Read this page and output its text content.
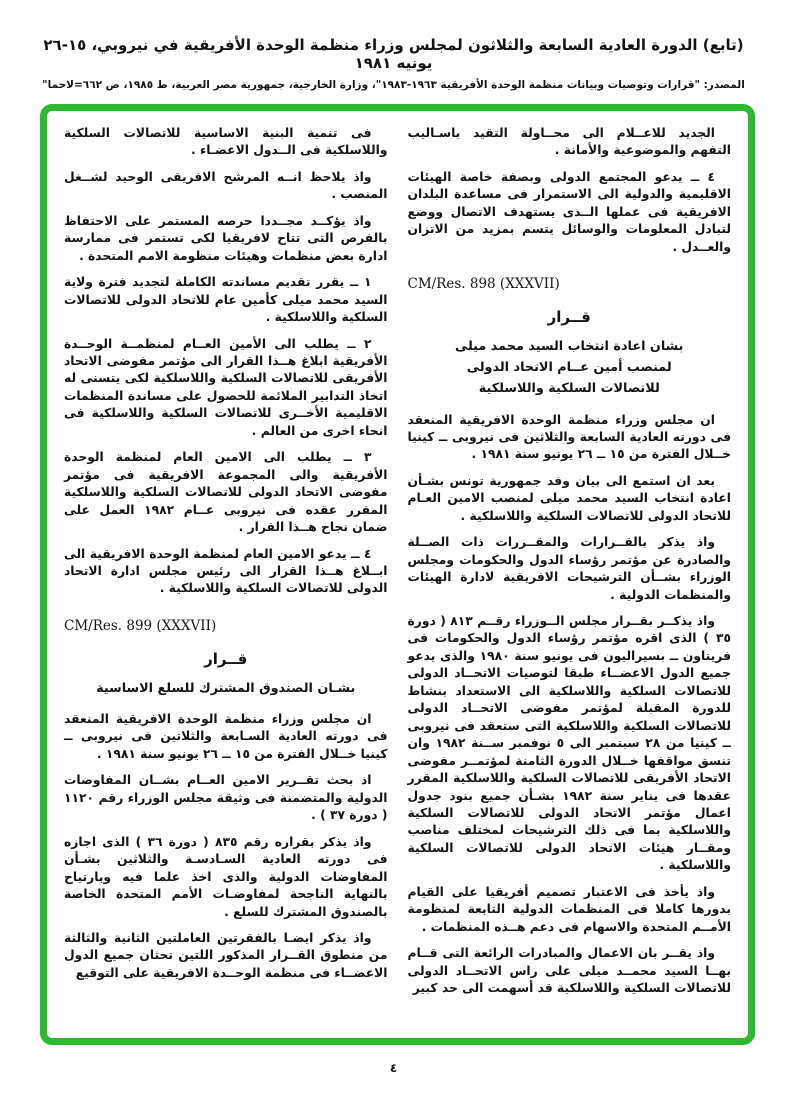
(تابع) الدورة العادية السابعة والثلاثون لمجلس وزراء منظمة الوحدة الأفريقية في نيروبي، ١٥-٢٦ يونيه ١٩٨١
المصدر: "قرارات وتوصيات وبيانات منظمة الوحدة الأفريقية ١٩٦٣-١٩٨٣"، وزارة الخارجية، جمهورية مصر العربية، ط ١٩٨٥، ص ٦٦٢=لاحما"

فى تنمية البنية الاساسية للاتصالات السلكية واللاسلكية فى الــدول الاعضـاء .

واذ يلاحظ انــه المرشح الافريقى الوحيد لشــغل المنصب .

واذ يؤكــد مجــددا حرصه المستمر على الاحتفاظ بالفرص التى تتاح لافريقيا لكى تستمر فى ممارسة ادارة بعض منظمات وهيئات منظومة الامم المتحدة .

١ ــ يقرر تقديم مساندته الكاملة لتجديد فترة ولاية السيد محمد ميلى كأمين عام للاتحاد الدولى للاتصالات السلكية واللاسلكية .

٢ ــ يطلب الى الأمين العــام لمنظمــة الوحــدة الأفريقية ابلاغ هــذا القرار الى مؤتمر مفوضى الاتحاد الأفريقى للاتصالات السلكية واللاسلكية لكى يتسنى له اتخاذ التدابير الملائمة للحصول على مساندة المنظمات الاقليمية الأخــرى للاتصالات السلكية واللاسلكية فى انحاء اخرى من العالم .

٣ ــ يطلب الى الامين العام لمنظمة الوحدة الأفريقية والى المجموعة الافريقية فى مؤتمر مفوضى الاتحاد الدولى للاتصالات السلكية واللاسلكية المقرر عقده فى نيروبى عــام ١٩٨٢ العمل على ضمان نجاح هــذا القرار .

٤ ــ يدعو الامين العام لمنظمة الوحدة الافريقية الى ابــلاغ هــذا القرار الى رئيس مجلس ادارة الاتحاد الدولى للاتصالات السلكية واللاسلكية .

CM/Res. 899 (XXXVII)
قــرار
بشـان الصندوق المشترك للسلع الاساسية

ان مجلس وزراء منظمة الوحدة الافريقية المنعقد فى دورته العادية السـابعة والثلاثين فى نيروبى ــ كينيا خــلال الفترة من ١٥ ــ ٢٦ يونيو سنة ١٩٨١ .

اذ بحث تقــرير الامين العــام بشــان المفاوضات الدولية والمتضمنة فى وثيقة مجلس الوزراء رقم ١١٢٠ ( دورة ٣٧ ) .

واذ يذكر بقراره رقم ٨٣٥ ( دورة ٣٦ ) الذى اجازه فى دورته العادية السـادسـة والثلاثين بشـأن المفاوضات الدولية والذى اخذ علما فيه وبارتياح بالنهاية الناجحة لمفاوضـات الأمم المتحدة الخاصة بالصندوق المشترك للسلع .

واذ يذكر ايضـا بالفقرتين العاملتين الثانية والثالثة من منطوق القــرار المذكور اللتين تحثان جميع الدول الاعضــاء فى منظمة الوحــدة الافريقية على التوقيع

الجديد للاعــلام الى محــاولة التقيد باسـاليب التفهم والموضوعية والأمانة .

٤ ــ يدعو المجتمع الدولى وبصفة خاصة الهيئات الاقليمية والدولية الى الاستمرار فى مساعدة البلدان الافريقية فى عملها الــذى يستهدف الاتصال ووضع لتبادل المعلومات والوسائل يتسم بمزيد من الاتزان والعــدل .

CM/Res. 898 (XXXVII)
قــرار
بشان اعادة انتخاب السيد محمد ميلى
لمنصب أمين عــام الاتحاد الدولى
للاتصالات السلكية واللاسلكية

ان مجلس وزراء منظمة الوحدة الافريقية المنعقد فى دورته العادية السابعة والثلاثين فى نيروبى ــ كينيا خــلال الفترة من ١٥ ــ ٢٦ يونيو سنة ١٩٨١ .

بعد ان استمع الى بيان وفد جمهورية تونس بشـأن اعادة انتخاب السيد محمد ميلى لمنصب الامين العـام للاتحاد الدولى للاتصالات السلكية واللاسلكية .

واذ يذكر بالقــرارات والمقــررات ذات الصــلة والصادرة عن مؤتمر رؤساء الدول والحكومات ومجلس الوزراء بشــأن الترشيحات الافريقية لادارة الهيئات والمنظمات الدولية .

واذ يذكــر بقــرار مجلس الــوزراء رقــم ٨١٣ ( دورة ٣٥ ) الذى اقره مؤتمر رؤساء الدول والحكومات فى فريتاون ــ بسيراليون فى يونيو سنة ١٩٨٠ والذى يدعو جميع الدول الاعضــاء طبقا لتوصيات الاتحــاد الدولى للاتصالات السلكية واللاسلكية الى الاستعداد بنشاط للدورة المقبلة لمؤتمر مفوضى الاتحــاد الدولى للاتصالات السلكية واللاسلكية التى ستعقد فى نيروبى ــ كينيا من ٢٨ سبتمبر الى ٥ نوفمبر ســنة ١٩٨٢ وان تنسق مواقفها خــلال الدورة الثامنة لمؤتمــر مفوضى الاتحاد الأفريقى للاتصالات السلكية واللاسلكية المقرر عقدها فى يناير سنة ١٩٨٢ بشـأن جميع بنود جدول اعمال مؤتمر الاتحاد الدولى للاتصالات السلكية واللاسلكية بما فى ذلك الترشيحات لمختلف مناصب ومقــار هيئات الاتحاد الدولى للاتصالات السلكية واللاسلكية .

واذ يأخذ فى الاعتبار تصميم أفريقيا على القيام بدورها كاملا فى المنظمات الدولية التابعة لمنظومة الأمــم المتحدة والاسهام فى دعم هــذه المنظمات .

واذ يقــر بان الاعمال والمبادرات الرائعة التى قــام بهــا السيد محمــد ميلى على راس الاتحــاد الدولى للاتصالات السلكية واللاسلكية قد أسهمت الى حد كبير

٤
